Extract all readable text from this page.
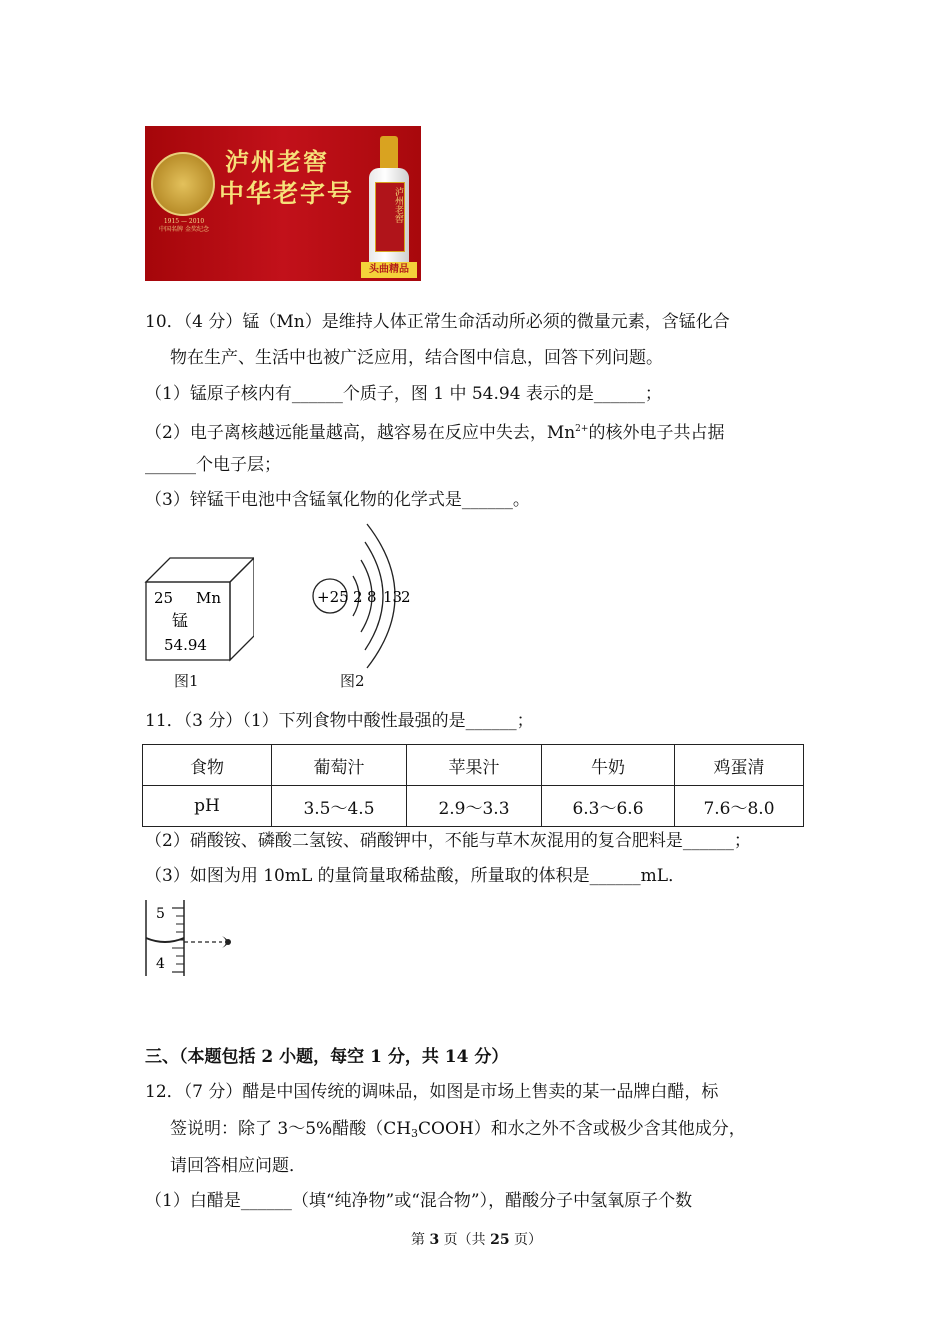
1915 — 2010
中国名牌 金奖纪念
泸州老窖
中华老字号	泸州老窖
头曲精品
10．（4 分）锰（Mn）是维持人体正常生命活动所必须的微量元素，含锰化合
物在生产、生活中也被广泛应用，结合图中信息，回答下列问题。
（1）锰原子核内有______个质子，图 1 中 54.94 表示的是______；
（2）电子离核越远能量越高，越容易在反应中失去，$Mn^{2+}$的核外电子共占据
______个电子层；
（3）锌锰干电池中含锰氧化物的化学式是______。
25 Mn
锰
54.94
图1
+25 2 8 13
2
图2
11．（3 分）（1）下列食物中酸性最强的是______；
食物	葡萄汁	苹果汁	牛奶	鸡蛋清
pH	3.5～4.5	2.9～3.3	6.3～6.6	7.6～8.0
（2）硝酸铵、磷酸二氢铵、硝酸钾中，不能与草木灰混用的复合肥料是______；
（3）如图为用 10mL 的量筒量取稀盐酸，所量取的体积是______mL．
5
4
三、（本题包括 2 小题，每空 1 分，共 14 分）
12．（7 分）醋是中国传统的调味品，如图是市场上售卖的某一品牌白醋，标
签说明：除了 3～5%醋酸$(CH_3COOH)$和水之外不含或极少含其他成分，
请回答相应问题．
（1）白醋是______（填“纯净物”或“混合物”），醋酸分子中氢氧原子个数
第 3 页（共 25 页）
